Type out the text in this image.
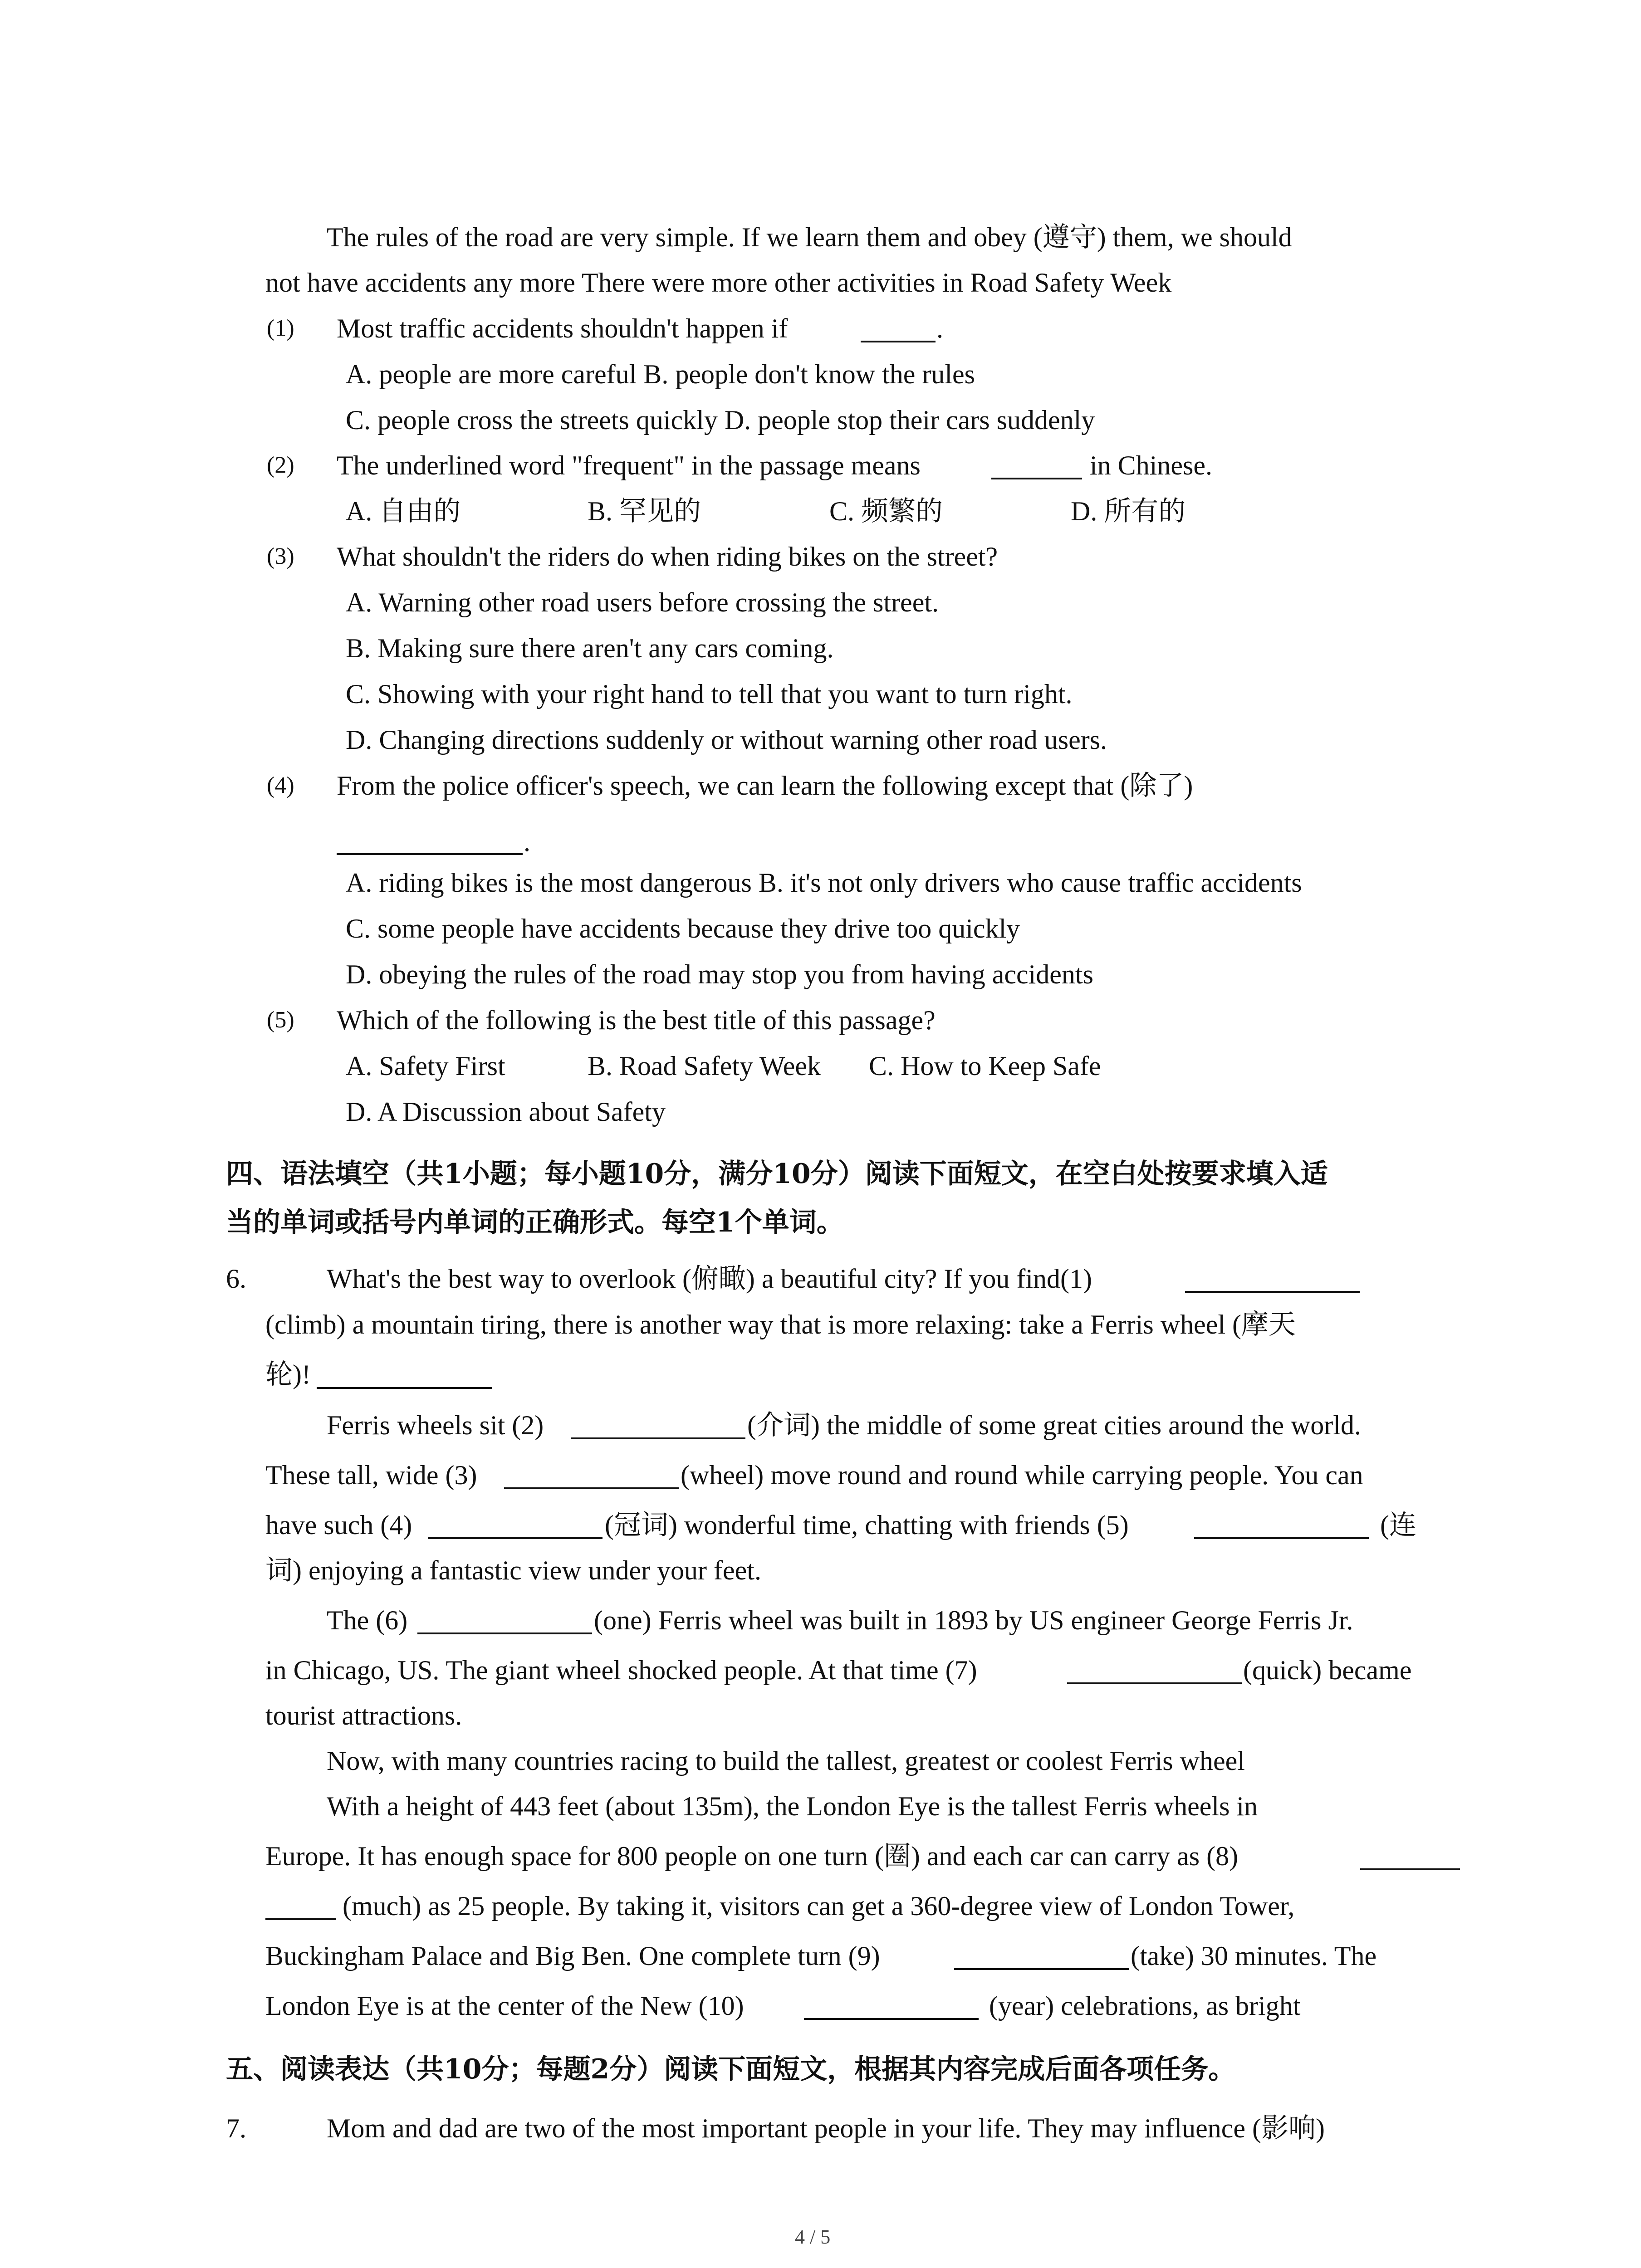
The rules of the road are very simple. If we learn them and obey (遵守) them, we should
not have accidents any more There were more other activities in Road Safety Week
(1) Most traffic accidents shouldn't happen if	.
A. people are more careful B. people don't know the rules
C. people cross the streets quickly D. people stop their cars suddenly
(2) The underlined word "frequent" in the passage means	in Chinese.
A. 自由的	B. 罕见的	C. 频繁的	D. 所有的
(3) What shouldn't the riders do when riding bikes on the street?
A. Warning other road users before crossing the street.
B. Making sure there aren't any cars coming.
C. Showing with your right hand to tell that you want to turn right.
D. Changing directions suddenly or without warning other road users.
(4) From the police officer's speech, we can learn the following except that (除了)
.
A. riding bikes is the most dangerous B. it's not only drivers who cause traffic accidents
C. some people have accidents because they drive too quickly
D. obeying the rules of the road may stop you from having accidents
(5) Which of the following is the best title of this passage?
A. Safety First	B. Road Safety Week C. How to Keep Safe
D. A Discussion about Safety
四、语法填空（共1小题；每小题10分，满分10分）阅读下面短文，在空白处按要求填入适
当的单词或括号内单词的正确形式。每空1个单词。
6.	What's the best way to overlook (俯瞰) a beautiful city? If you find(1)
(climb) a mountain tiring, there is another way that is more relaxing: take a Ferris wheel (摩天
轮)!
Ferris wheels sit (2)	(介词) the middle of some great cities around the world.
These tall, wide (3)	(wheel) move round and round while carrying people. You can
have such (4)	(冠词) wonderful time, chatting with friends (5)	(连
词) enjoying a fantastic view under your feet.
The (6)	(one) Ferris wheel was built in 1893 by US engineer George Ferris Jr.
in Chicago, US. The giant wheel shocked people. At that time (7)	(quick) became
tourist attractions.
Now, with many countries racing to build the tallest, greatest or coolest Ferris wheel
With a height of 443 feet (about 135m), the London Eye is the tallest Ferris wheels in
Europe. It has enough space for 800 people on one turn (圈) and each car can carry as (8)
(much) as 25 people. By taking it, visitors can get a 360-degree view of London Tower,
Buckingham Palace and Big Ben. One complete turn (9)	(take) 30 minutes. The
London Eye is at the center of the New (10)	(year) celebrations, as bright
五、阅读表达（共10分；每题2分）阅读下面短文，根据其内容完成后面各项任务。
7.	Mom and dad are two of the most important people in your life. They may influence (影响)
4 / 5
